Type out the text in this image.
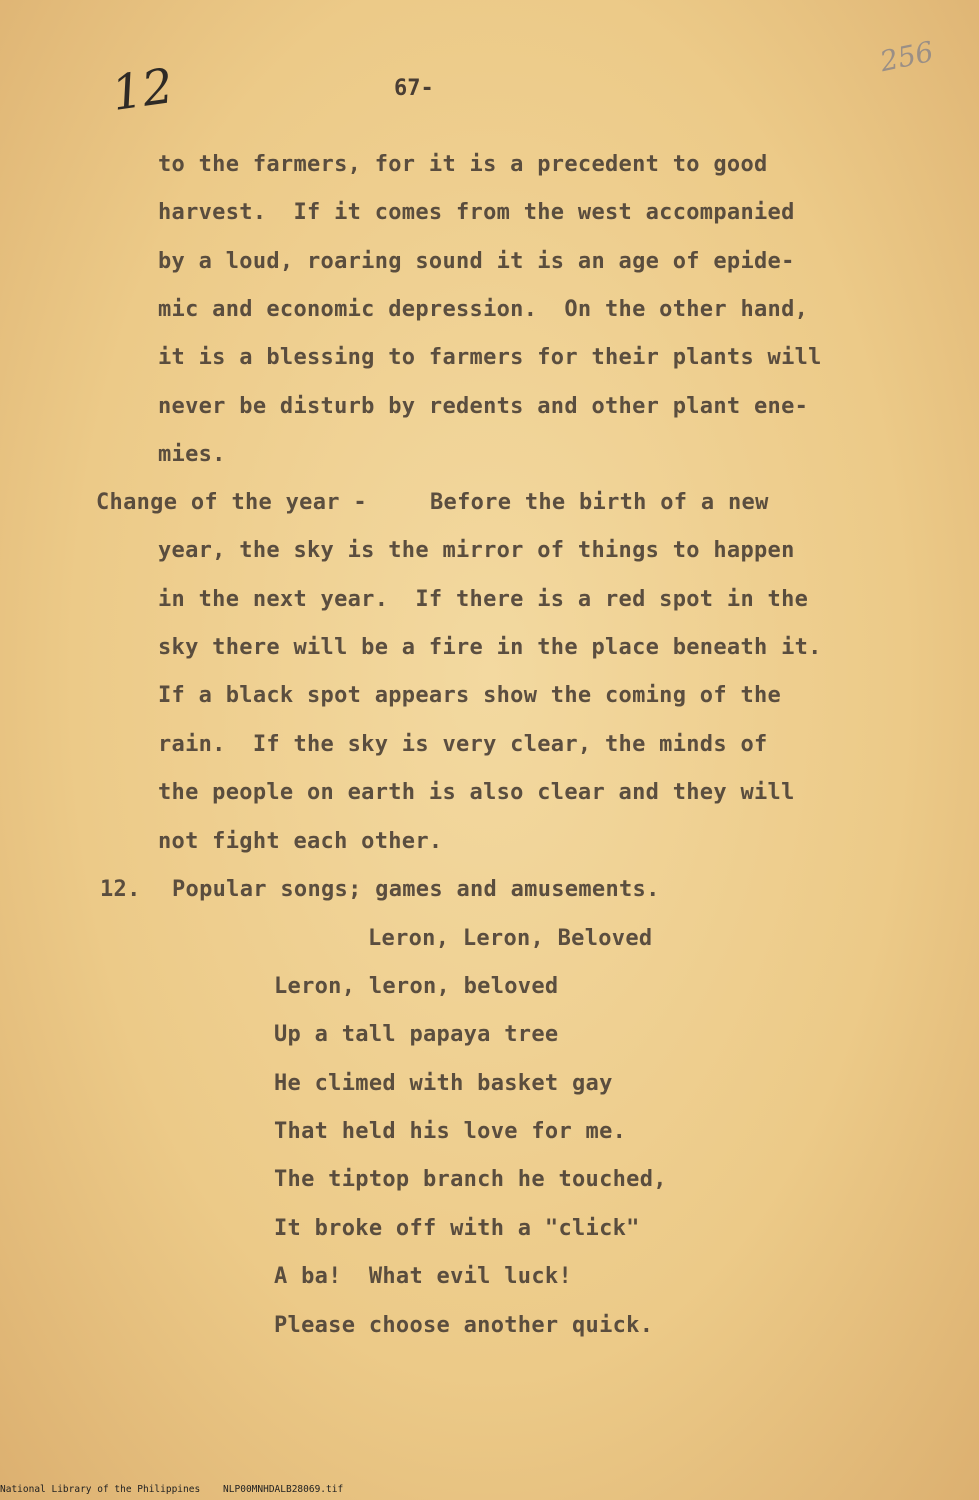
12
256
67-
to the farmers, for it is a precedent to good
harvest.  If it comes from the west accompanied
by a loud, roaring sound it is an age of epide-
mic and economic depression.  On the other hand,
it is a blessing to farmers for their plants will
never be disturb by redents and other plant ene-
mies.
Change of the year -	Before the birth of a new
year, the sky is the mirror of things to happen
in the next year.  If there is a red spot in the
sky there will be a fire in the place beneath it.
If a black spot appears show the coming of the
rain.  If the sky is very clear, the minds of
the people on earth is also clear and they will
not fight each other.
12. Popular songs; games and amusements.
Leron, Leron, Beloved
Leron, leron, beloved
Up a tall papaya tree
He climed with basket gay
That held his love for me.
The tiptop branch he touched,
It broke off with a "click"
A ba!  What evil luck!
Please choose another quick.
National Library of the Philippines    NLP00MNHDALB28069.tif
